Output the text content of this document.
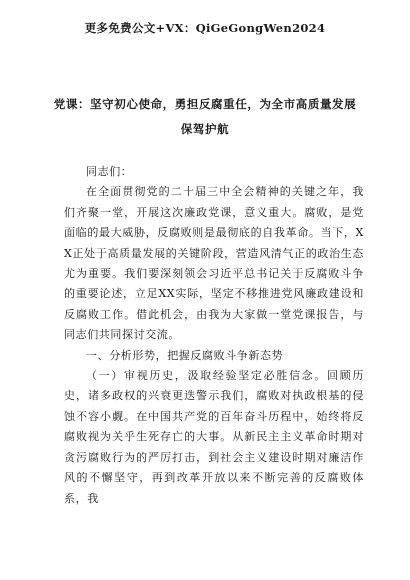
更多免费公文+VX：QiGeGongWen2024
党课：坚守初心使命，勇担反腐重任，为全市高质量发展
保驾护航

同志们：

在全面贯彻党的二十届三中全会精神的关键之年，我们齐聚一堂，开展这次廉政党课，意义重大。腐败，是党面临的最大威胁，反腐败则是最彻底的自我革命。当下，XX正处于高质量发展的关键阶段，营造风清气正的政治生态尤为重要。我们要深刻领会习近平总书记关于反腐败斗争的重要论述，立足XX实际，坚定不移推进党风廉政建设和反腐败工作。借此机会，由我为大家做一堂党课报告，与同志们共同探讨交流。

一、分析形势，把握反腐败斗争新态势

（一）审视历史，汲取经验坚定必胜信念。回顾历史，诸多政权的兴衰更迭警示我们，腐败对执政根基的侵蚀不容小觑。在中国共产党的百年奋斗历程中，始终将反腐败视为关乎生死存亡的大事。从新民主主义革命时期对贪污腐败行为的严厉打击，到社会主义建设时期对廉洁作风的不懈坚守，再到改革开放以来不断完善的反腐败体系，我
